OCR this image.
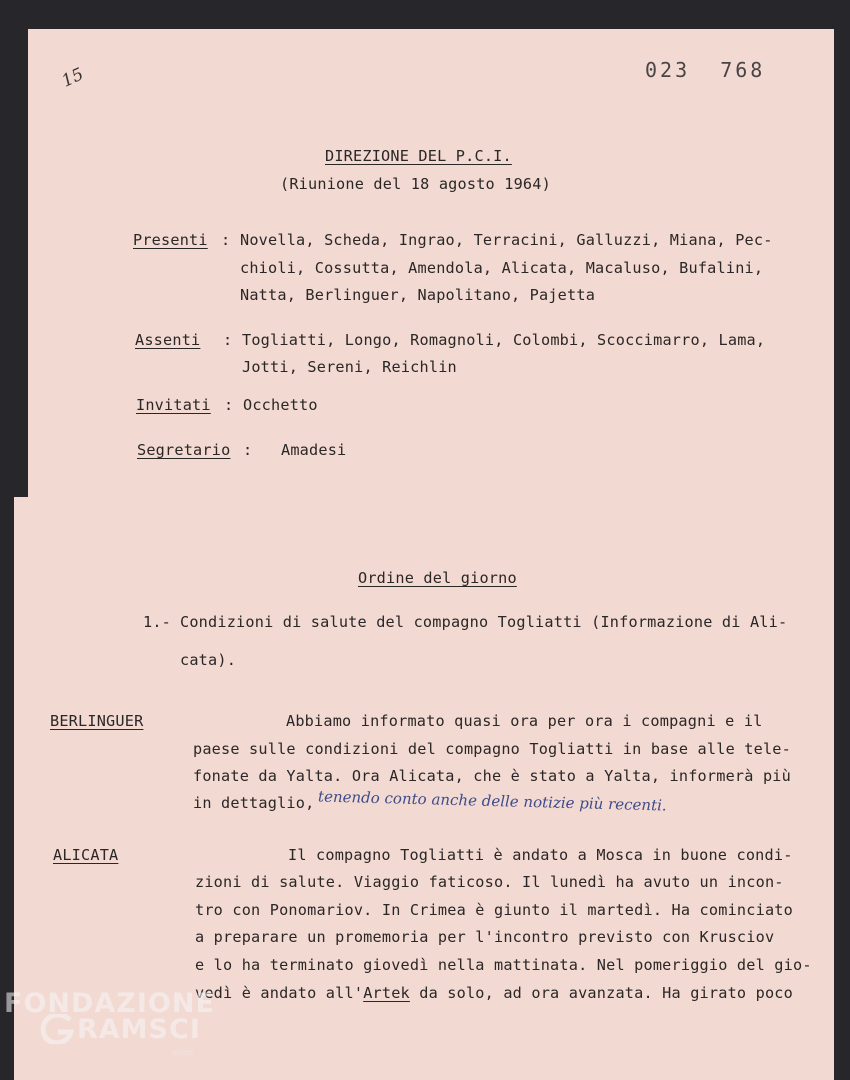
15	023  768
DIREZIONE DEL P.C.I.
(Riunione del 18 agosto 1964)
Presenti : Novella, Scheda, Ingrao, Terracini, Galluzzi, Miana, Pec-
chioli, Cossutta, Amendola, Alicata, Macaluso, Bufalini,
Natta, Berlinguer, Napolitano, Pajetta
Assenti : Togliatti, Longo, Romagnoli, Colombi, Scoccimarro, Lama,
Jotti, Sereni, Reichlin
Invitati : Occhetto
Segretario : Amadesi
Ordine del giorno
1.- Condizioni di salute del compagno Togliatti (Informazione di Ali-
cata).
BERLINGUER	Abbiamo informato quasi ora per ora i compagni e il
paese sulle condizioni del compagno Togliatti in base alle tele-
fonate da Yalta. Ora Alicata, che è stato a Yalta, informerà più
in dettaglio, tenendo conto anche delle notizie più recenti.
ALICATA	Il compagno Togliatti è andato a Mosca in buone condi-
zioni di salute. Viaggio faticoso. Il lunedì ha avuto un incon-
tro con Ponomariov. In Crimea è giunto il martedì. Ha cominciato
a preparare un promemoria per l'incontro previsto con Krusciov
e lo ha terminato giovedì nella mattinata. Nel pomeriggio del gio-
vedì è andato all'Artek da solo, ad ora avanzata. Ha girato poco
FONDAZIONE
RAMSCI
onlus
